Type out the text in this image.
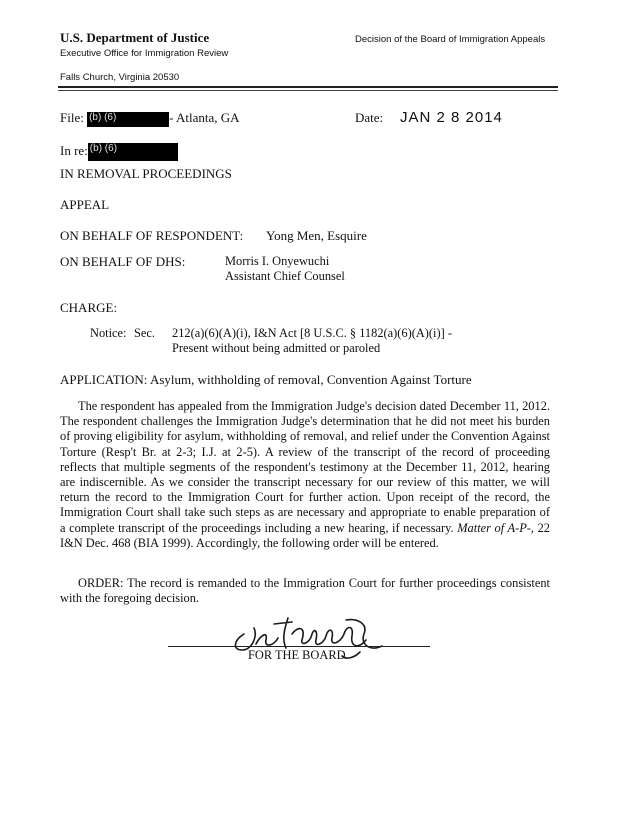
U.S. Department of Justice
Executive Office for Immigration Review
Decision of the Board of Immigration Appeals
Falls Church, Virginia 20530
File: (b) (6)	- Atlanta, GA	Date: JAN 2 8 2014
In re: (b) (6)
IN REMOVAL PROCEEDINGS
APPEAL
ON BEHALF OF RESPONDENT: Yong Men, Esquire
ON BEHALF OF DHS:	Morris I. Onyewuchi
Assistant Chief Counsel
CHARGE:
Notice: Sec. 212(a)(6)(A)(i), I&N Act [8 U.S.C. § 1182(a)(6)(A)(i)] -
Present without being admitted or paroled
APPLICATION: Asylum, withholding of removal, Convention Against Torture

The respondent has appealed from the Immigration Judge's decision dated December 11, 2012. The respondent challenges the Immigration Judge's determination that he did not meet his burden of proving eligibility for asylum, withholding of removal, and relief under the Convention Against Torture (Resp't Br. at 2-3; I.J. at 2-5). A review of the transcript of the record of proceeding reflects that multiple segments of the respondent's testimony at the December 11, 2012, hearing are indiscernible. As we consider the transcript necessary for our review of this matter, we will return the record to the Immigration Court for further action. Upon receipt of the record, the Immigration Court shall take such steps as are necessary and appropriate to enable preparation of a complete transcript of the proceedings including a new hearing, if necessary. Matter of A-P-, 22 I&N Dec. 468 (BIA 1999). Accordingly, the following order will be entered.

ORDER: The record is remanded to the Immigration Court for further proceedings consistent with the foregoing decision.

FOR THE BOARD
